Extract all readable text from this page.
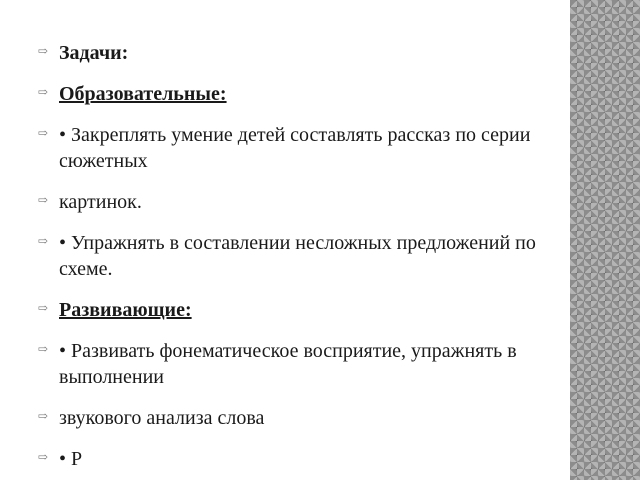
⇨ Задачи:
⇨ Образовательные:
⇨ • Закреплять умение детей составлять рассказ по серии сюжетных
⇨ картинок.
⇨ • Упражнять в составлении несложных предложений по схеме.
⇨ Развивающие:
⇨ • Развивать фонематическое восприятие, упражнять в выполнении
⇨ звукового анализа слова
⇨ • Р
